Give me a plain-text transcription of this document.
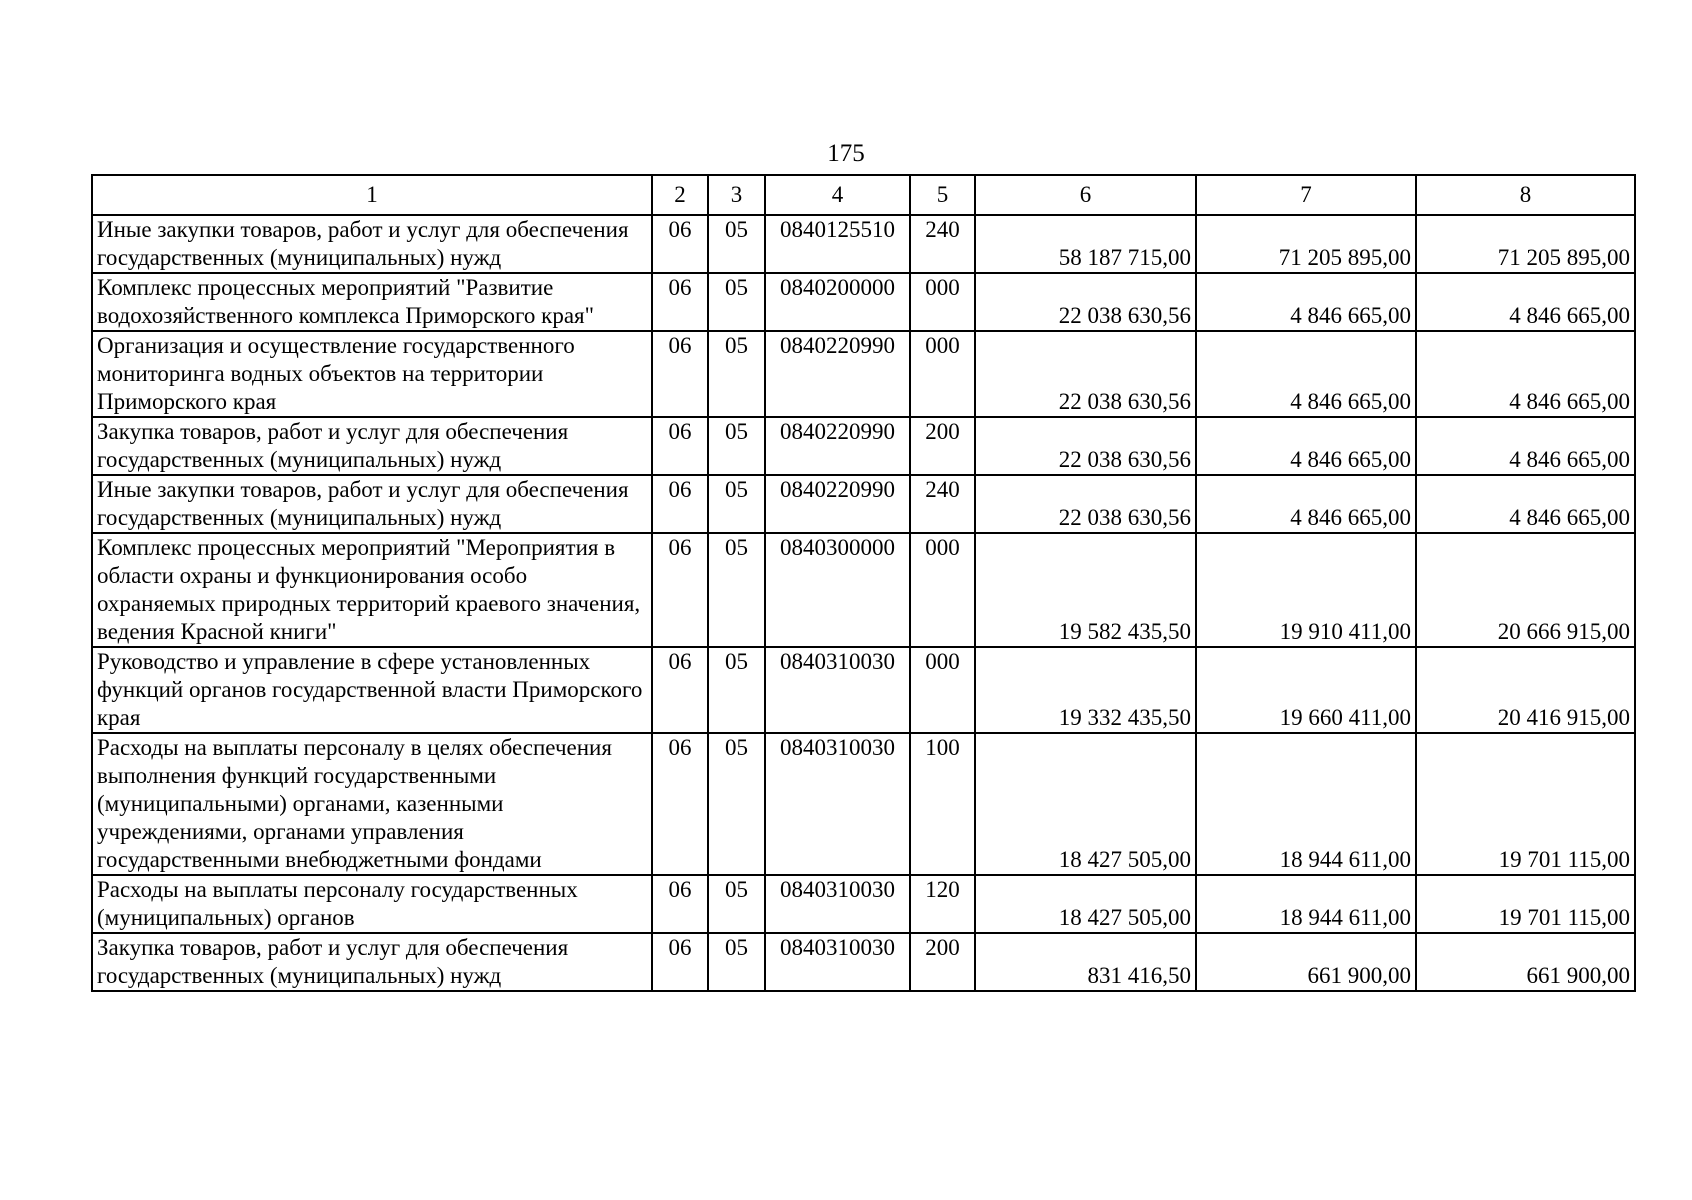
175
1	2	3	4	5	6	7	8
Иные закупки товаров, работ и услуг для обеспечения государственных (муниципальных) нужд	06	05	0840125510	240	58 187 715,00	71 205 895,00	71 205 895,00
Комплекс процессных мероприятий "Развитие водохозяйственного комплекса Приморского края"	06	05	0840200000	000	22 038 630,56	4 846 665,00	4 846 665,00
Организация и осуществление государственного мониторинга водных объектов на территории Приморского края	06	05	0840220990	000	22 038 630,56	4 846 665,00	4 846 665,00
Закупка товаров, работ и услуг для обеспечения государственных (муниципальных) нужд	06	05	0840220990	200	22 038 630,56	4 846 665,00	4 846 665,00
Иные закупки товаров, работ и услуг для обеспечения государственных (муниципальных) нужд	06	05	0840220990	240	22 038 630,56	4 846 665,00	4 846 665,00
Комплекс процессных мероприятий "Мероприятия в области охраны и функционирования особо охраняемых природных территорий краевого значения, ведения Красной книги"	06	05	0840300000	000	19 582 435,50	19 910 411,00	20 666 915,00
Руководство и управление в сфере установленных функций органов государственной власти Приморского края	06	05	0840310030	000	19 332 435,50	19 660 411,00	20 416 915,00
Расходы на выплаты персоналу в целях обеспечения выполнения функций государственными (муниципальными) органами, казенными учреждениями, органами управления государственными внебюджетными фондами	06	05	0840310030	100	18 427 505,00	18 944 611,00	19 701 115,00
Расходы на выплаты персоналу государственных (муниципальных) органов	06	05	0840310030	120	18 427 505,00	18 944 611,00	19 701 115,00
Закупка товаров, работ и услуг для обеспечения государственных (муниципальных) нужд	06	05	0840310030	200	831 416,50	661 900,00	661 900,00
